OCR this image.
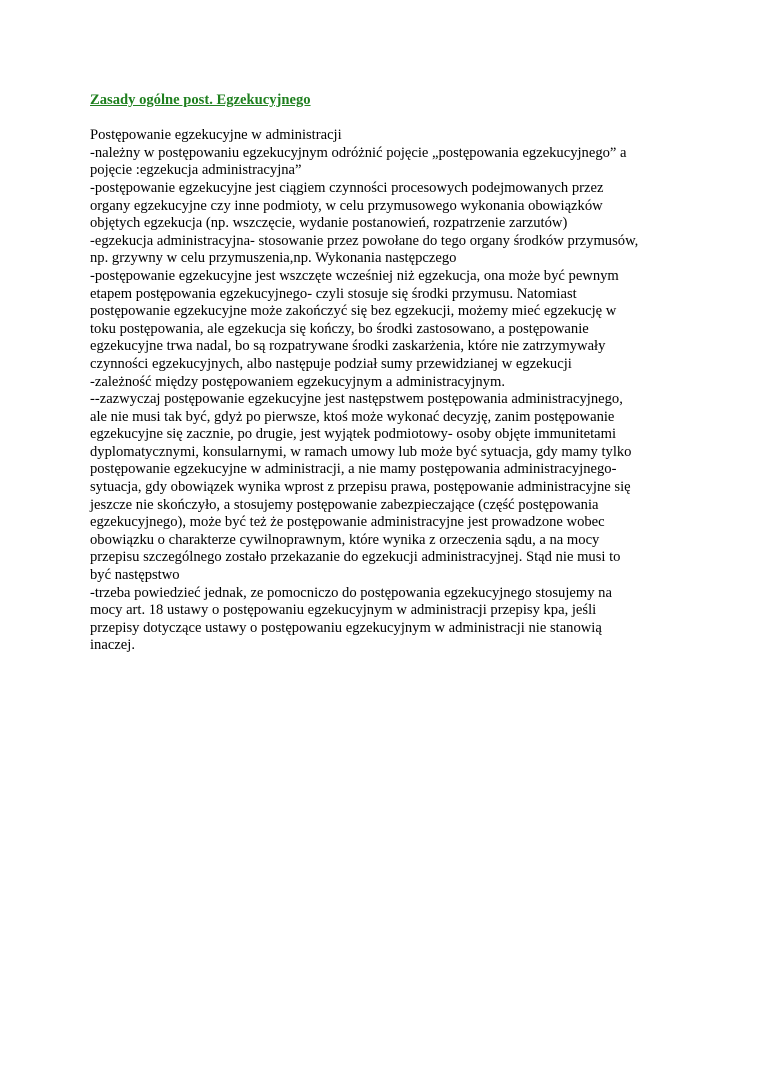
Zasady ogólne post. Egzekucyjnego

Postępowanie egzekucyjne w administracji

-należny w postępowaniu egzekucyjnym odróżnić pojęcie „postępowania egzekucyjnego” a

pojęcie :egzekucja administracyjna”

-postępowanie egzekucyjne jest ciągiem czynności procesowych podejmowanych przez

organy egzekucyjne czy inne podmioty, w celu przymusowego wykonania obowiązków

objętych egzekucja (np. wszczęcie, wydanie postanowień, rozpatrzenie zarzutów)

-egzekucja administracyjna- stosowanie przez powołane do tego organy środków przymusów,

np. grzywny w celu przymuszenia,np. Wykonania następczego

-postępowanie egzekucyjne jest wszczęte wcześniej niż egzekucja, ona może być pewnym

etapem postępowania egzekucyjnego- czyli stosuje się środki przymusu. Natomiast

postępowanie egzekucyjne może zakończyć się bez egzekucji, możemy mieć egzekucję w

toku postępowania, ale egzekucja się kończy, bo środki zastosowano, a postępowanie

egzekucyjne trwa nadal, bo są rozpatrywane środki zaskarżenia, które nie zatrzymywały

czynności egzekucyjnych, albo następuje podział sumy przewidzianej w egzekucji

-zależność między postępowaniem egzekucyjnym a administracyjnym.

--zazwyczaj postępowanie egzekucyjne jest następstwem postępowania administracyjnego,

ale nie musi tak być, gdyż po pierwsze, ktoś może wykonać decyzję, zanim postępowanie

egzekucyjne się zacznie, po drugie, jest wyjątek podmiotowy- osoby objęte immunitetami

dyplomatycznymi, konsularnymi, w ramach umowy lub może być sytuacja, gdy mamy tylko

postępowanie egzekucyjne w administracji, a nie mamy postępowania administracyjnego-

sytuacja, gdy obowiązek wynika wprost z przepisu prawa, postępowanie administracyjne się

jeszcze nie skończyło, a stosujemy postępowanie zabezpieczające (część postępowania

egzekucyjnego), może być też że postępowanie administracyjne jest prowadzone wobec

obowiązku o charakterze cywilnoprawnym, które wynika z orzeczenia sądu, a na mocy

przepisu szczególnego zostało przekazanie do egzekucji administracyjnej. Stąd nie musi to

być następstwo

-trzeba powiedzieć jednak, ze pomocniczo do postępowania egzekucyjnego stosujemy na

mocy art. 18 ustawy o postępowaniu egzekucyjnym w administracji przepisy kpa, jeśli

przepisy dotyczące ustawy o postępowaniu egzekucyjnym w administracji nie stanowią

inaczej.
